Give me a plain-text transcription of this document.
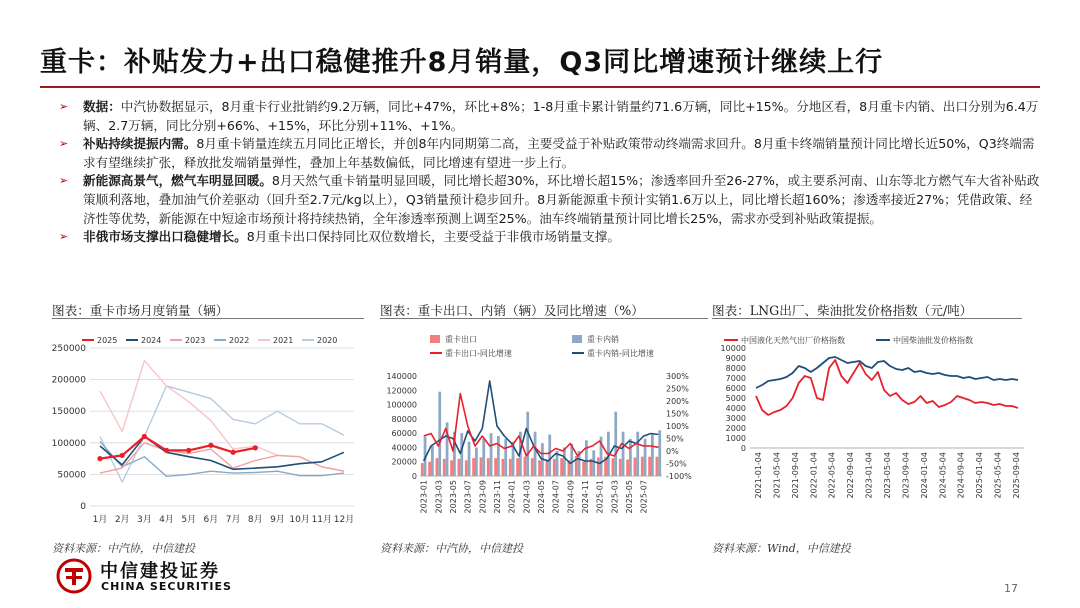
重卡：补贴发力+出口稳健推升8月销量，Q3同比增速预计继续上行
➢ 数据：中汽协数据显示，8月重卡行业批销约9.2万辆，同比+47%，环比+8%；1-8月重卡累计销量约71.6万辆，同比+15%。分地区看，8月重卡内销、出口分别为6.4万辆、2.7万辆，同比分别+66%、+15%，环比分别+11%、+1%。
➢ 补贴持续提振内需。8月重卡销量连续五月同比正增长，并创8年内同期第二高，主要受益于补贴政策带动终端需求回升。8月重卡终端销量预计同比增长近50%，Q3终端需求有望继续扩张，释放批发端销量弹性，叠加上年基数偏低，同比增速有望进一步上行。
➢ 新能源高景气，燃气车明显回暖。8月天然气重卡销量明显回暖，同比增长超30%，环比增长超15%；渗透率回升至26-27%，或主要系河南、山东等北方燃气车大省补贴政策顺利落地，叠加油气价差驱动（回升至2.7元/kg以上），Q3销量预计稳步回升。8月新能源重卡预计实销1.6万以上，同比增长超160%；渗透率接近27%；凭借政策、经济性等优势，新能源在中短途市场预计将持续热销，全年渗透率预测上调至25%。油车终端销量预计同比增长25%，需求亦受到补贴政策提振。
➢ 非俄市场支撑出口稳健增长。8月重卡出口保持同比双位数增长，主要受益于非俄市场销量支撑。
图表：重卡市场月度销量（辆）	图表：重卡出口、内销（辆）及同比增速（%）	图表：LNG出厂、柴油批发价格指数（元/吨）
0
50000
100000
150000
200000
250000
1月 2月 3月 4月 5月 6月 7月 8月 9月 10月 11月 12月
2025	2024	2023	2022	2021	2020
0
20000
40000
60000
80000
100000
120000
140000
-100%
-50%
0%
50%
100%
150%
200%
250%
300%
重卡出口	重卡内销
重卡出口-同比增速	重卡内销-同比增速
2023-01 2023-03 2023-05 2023-07 2023-09 2023-11 2024-01 2024-03 2024-05 2024-07 2024-09 2024-11 2025-01 2025-03 2025-05 2025-07
0
1000
2000
3000
4000
5000
6000
7000
8000
9000
10000
中国液化天然气出厂价格指数	中国柴油批发价格指数
2021-01-04 2021-05-04 2021-09-04 2022-01-04 2022-05-04 2022-09-04 2023-01-04 2023-05-04 2023-09-04 2024-01-04 2024-05-04 2024-09-04 2025-01-04 2025-05-04 2025-09-04
资料来源：中汽协，中信建投	资料来源：中汽协，中信建投	资料来源：Wind，中信建投
中信建投证券
CHINA SECURITIES	17
